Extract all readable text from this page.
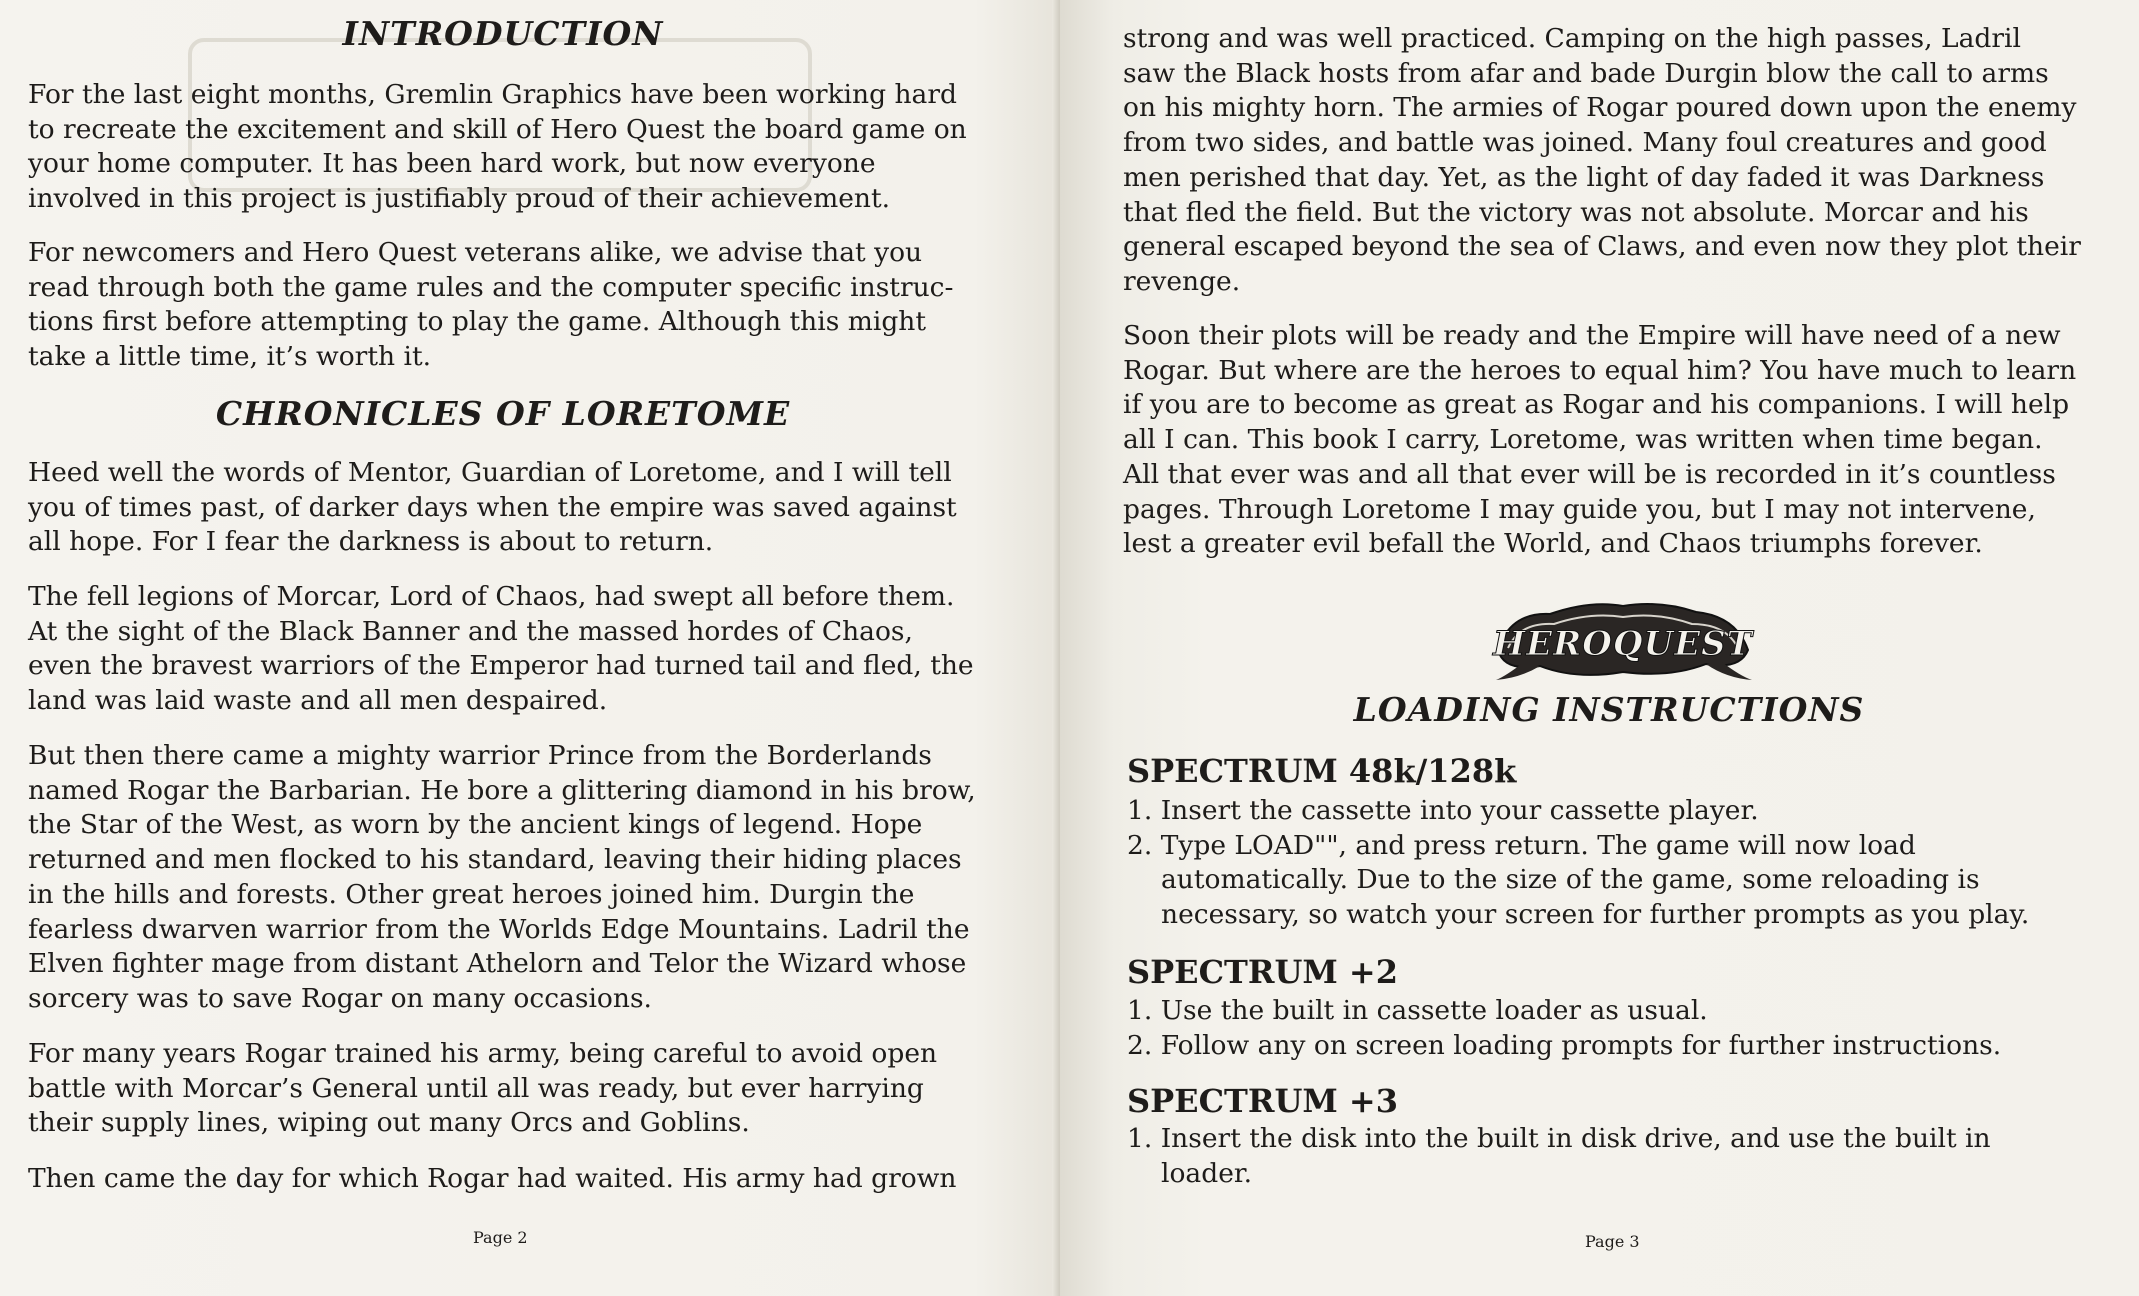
INTRODUCTION
For the last eight months, Gremlin Graphics have been working hard
to recreate the excitement and skill of Hero Quest the board game on
your home computer. It has been hard work, but now everyone
involved in this project is justifiably proud of their achievement.
For newcomers and Hero Quest veterans alike, we advise that you
read through both the game rules and the computer specific instruc-
tions first before attempting to play the game. Although this might
take a little time, it’s worth it.
CHRONICLES OF LORETOME
Heed well the words of Mentor, Guardian of Loretome, and I will tell
you of times past, of darker days when the empire was saved against
all hope. For I fear the darkness is about to return.
The fell legions of Morcar, Lord of Chaos, had swept all before them.
At the sight of the Black Banner and the massed hordes of Chaos,
even the bravest warriors of the Emperor had turned tail and fled, the
land was laid waste and all men despaired.
But then there came a mighty warrior Prince from the Borderlands
named Rogar the Barbarian. He bore a glittering diamond in his brow,
the Star of the West, as worn by the ancient kings of legend. Hope
returned and men flocked to his standard, leaving their hiding places
in the hills and forests. Other great heroes joined him. Durgin the
fearless dwarven warrior from the Worlds Edge Mountains. Ladril the
Elven fighter mage from distant Athelorn and Telor the Wizard whose
sorcery was to save Rogar on many occasions.
For many years Rogar trained his army, being careful to avoid open
battle with Morcar’s General until all was ready, but ever harrying
their supply lines, wiping out many Orcs and Goblins.
Then came the day for which Rogar had waited. His army had grown
Page 2
strong and was well practiced. Camping on the high passes, Ladril
saw the Black hosts from afar and bade Durgin blow the call to arms
on his mighty horn. The armies of Rogar poured down upon the enemy
from two sides, and battle was joined. Many foul creatures and good
men perished that day. Yet, as the light of day faded it was Darkness
that fled the field. But the victory was not absolute. Morcar and his
general escaped beyond the sea of Claws, and even now they plot their
revenge.
Soon their plots will be ready and the Empire will have need of a new
Rogar. But where are the heroes to equal him? You have much to learn
if you are to become as great as Rogar and his companions. I will help
all I can. This book I carry, Loretome, was written when time began.
All that ever was and all that ever will be is recorded in it’s countless
pages. Through Loretome I may guide you, but I may not intervene,
lest a greater evil befall the World, and Chaos triumphs forever.
HEROQUEST
LOADING INSTRUCTIONS
SPECTRUM 48k/128k
1. Insert the cassette into your cassette player.
2. Type LOAD"", and press return. The game will now load
automatically. Due to the size of the game, some reloading is
necessary, so watch your screen for further prompts as you play.
SPECTRUM +2
1. Use the built in cassette loader as usual.
2. Follow any on screen loading prompts for further instructions.
SPECTRUM +3
1. Insert the disk into the built in disk drive, and use the built in
loader.
Page 3
